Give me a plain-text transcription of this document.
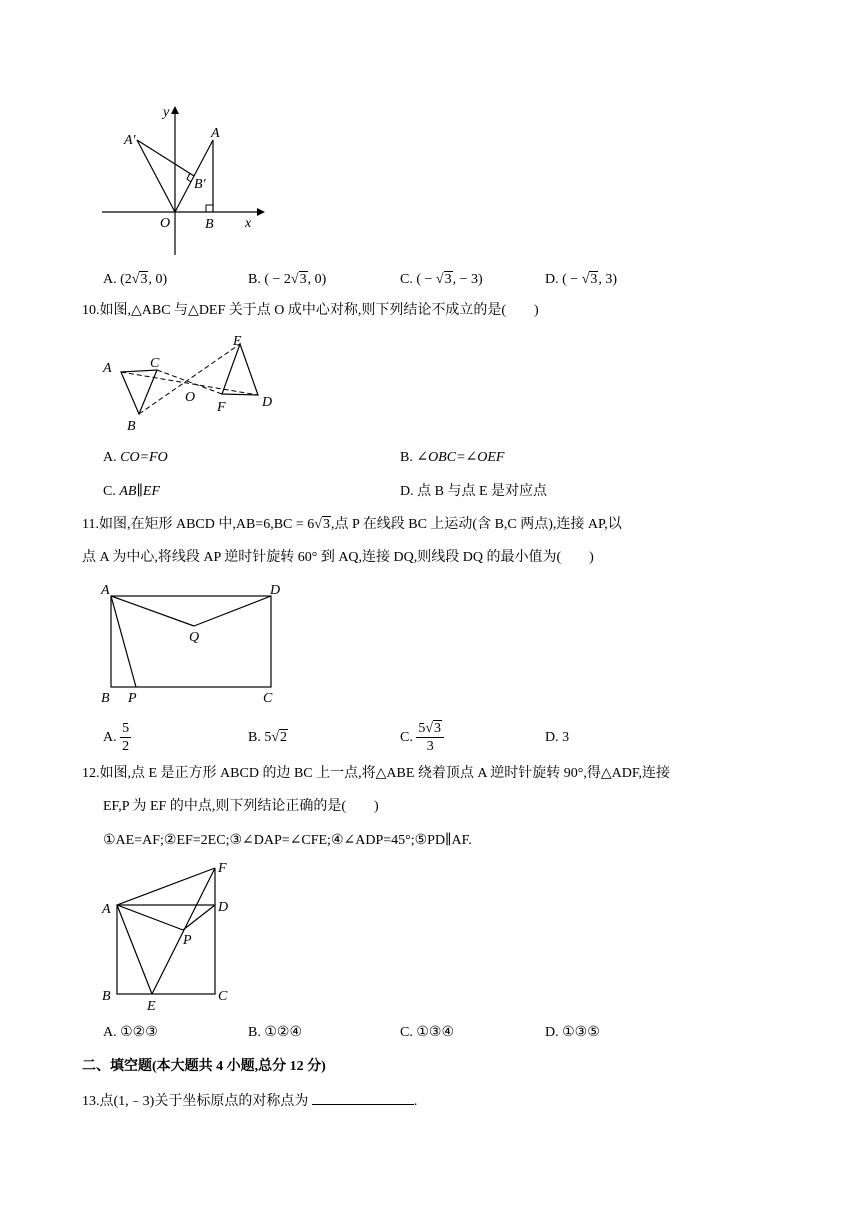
y
x
O
A
B
A′
B′
A. (2√3, 0)	B. ( − 2√3, 0)	C. ( − √3, − 3)	D. ( − √3, 3)
10.如图,△ABC 与△DEF 关于点 O 成中心对称,则下列结论不成立的是(　　)
A	C
B
O
E
F	D
A. CO=FO	B. ∠OBC=∠OEF
C. AB∥EF	D. 点 B 与点 E 是对应点
11.如图,在矩形 ABCD 中,AB=6,BC = 6√3,点 P 在线段 BC 上运动(含 B,C 两点),连接 AP,以
点 A 为中心,将线段 AP 逆时针旋转 60° 到 AQ,连接 DQ,则线段 DQ 的最小值为(　　)
A	D
Q
B P	C
A. $\frac{5}{2}$	B. 5√2	C. $\frac{5√3}{3}$	D. 3
12.如图,点 E 是正方形 ABCD 的边 BC 上一点,将△ABE 绕着顶点 A 逆时针旋转 90°,得△ADF,连接
EF,P 为 EF 的中点,则下列结论正确的是(　　)
①AE=AF;②EF=2EC;③∠DAP=∠CFE;④∠ADP=45°;⑤PD∥AF.
F
A	D
P
B
E
C
A. ①②③	B. ①②④	C. ①③④	D. ①③⑤
二、填空题(本大题共 4 小题,总分 12 分)
13.点(1,﹣3)关于坐标原点的对称点为	.
